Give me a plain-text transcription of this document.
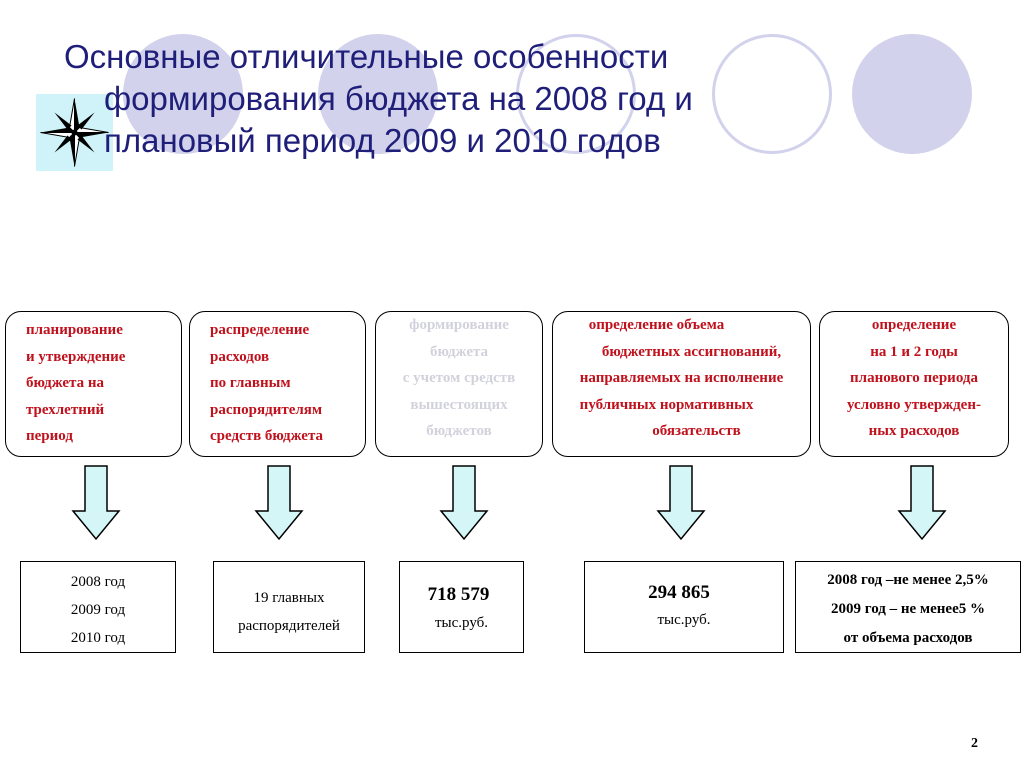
Основные отличительные особенности
формирования бюджета на 2008 год и
плановый период 2009 и 2010 годов
планирование
и утверждение
бюджета на
трехлетний
период
распределение
расходов
по главным
распорядителям
средств бюджета
формирование
бюджета
с учетом средств
вышестоящих
бюджетов
определение объема
бюджетных ассигнований,
направляемых на исполнение
публичных нормативных
обязательств
определение
на 1 и 2 годы
планового периода
условно утвержден-
ных расходов
2008 год
2009 год
2010 год
19 главных
распорядителей
718 579
тыс.руб.
294 865
тыс.руб.
2008 год –не менее 2,5%
2009 год – не менее5 %
от объема расходов
2
